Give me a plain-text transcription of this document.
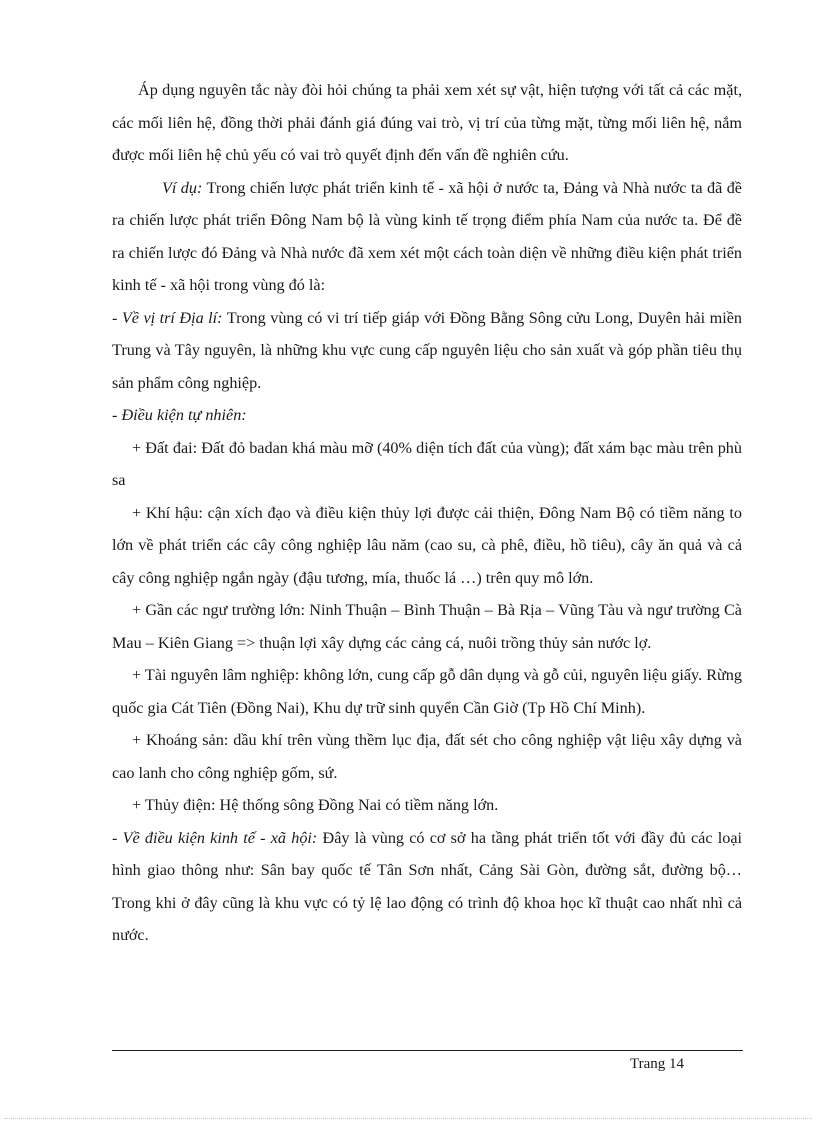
Áp dụng nguyên tắc này đòi hỏi chúng ta phải xem xét sự vật, hiện tượng với tất cả các mặt, các mối liên hệ, đồng thời phải đánh giá đúng vai trò, vị trí của từng mặt, từng mối liên hệ, nắm được mối liên hệ chủ yếu có vai trò quyết định đến vấn đề nghiên cứu.

Ví dụ: Trong chiến lược phát triển kinh tế - xã hội ở nước ta, Đảng và Nhà nước ta đã đề ra chiến lược phát triển Đông Nam bộ là vùng kinh tế trọng điểm phía Nam của nước ta. Để đề ra chiến lược đó Đảng và Nhà nước đã xem xét một cách toàn diện về những điều kiện phát triển kinh tế - xã hội trong vùng đó là:

- Về vị trí Địa lí: Trong vùng có vi trí tiếp giáp với Đồng Bằng Sông cửu Long, Duyên hải miền Trung và Tây nguyên, là những khu vực cung cấp nguyên liệu cho sản xuất và góp phần tiêu thụ sản phẩm công nghiệp.

- Điều kiện tự nhiên:

+ Đất đai: Đất đỏ badan khá màu mỡ (40% diện tích đất của vùng); đất xám bạc màu trên phù sa

+ Khí hậu: cận xích đạo và điều kiện thủy lợi được cải thiện, Đông Nam Bộ có tiềm năng to lớn về phát triển các cây công nghiệp lâu năm (cao su, cà phê, điều, hồ tiêu), cây ăn quả và cả cây công nghiệp ngắn ngày (đậu tương, mía, thuốc lá …) trên quy mô lớn.

+ Gần các ngư trường lớn: Ninh Thuận – Bình Thuận – Bà Rịa – Vũng Tàu và ngư trường Cà Mau – Kiên Giang => thuận lợi xây dựng các cảng cá, nuôi trồng thủy sản nước lợ.

+ Tài nguyên lâm nghiệp: không lớn, cung cấp gỗ dân dụng và gỗ củi, nguyên liệu giấy. Rừng quốc gia Cát Tiên (Đồng Nai), Khu dự trữ sinh quyển Cần Giờ (Tp Hồ Chí Minh).

+ Khoáng sản: dầu khí trên vùng thềm lục địa, đất sét cho công nghiệp vật liệu xây dựng và cao lanh cho công nghiệp gốm, sứ.

+ Thủy điện: Hệ thống sông Đồng Nai có tiềm năng lớn.

- Về điều kiện kinh tế - xã hội: Đây là vùng có cơ sở ha tầng phát triển tốt với đầy đủ các loại hình giao thông như: Sân bay quốc tế Tân Sơn nhất, Cảng Sài Gòn, đường sắt, đường bộ… Trong khi ở đây cũng là khu vực có tỷ lệ lao động có trình độ khoa học kĩ thuật cao nhất nhì cả nước.

Trang 14
